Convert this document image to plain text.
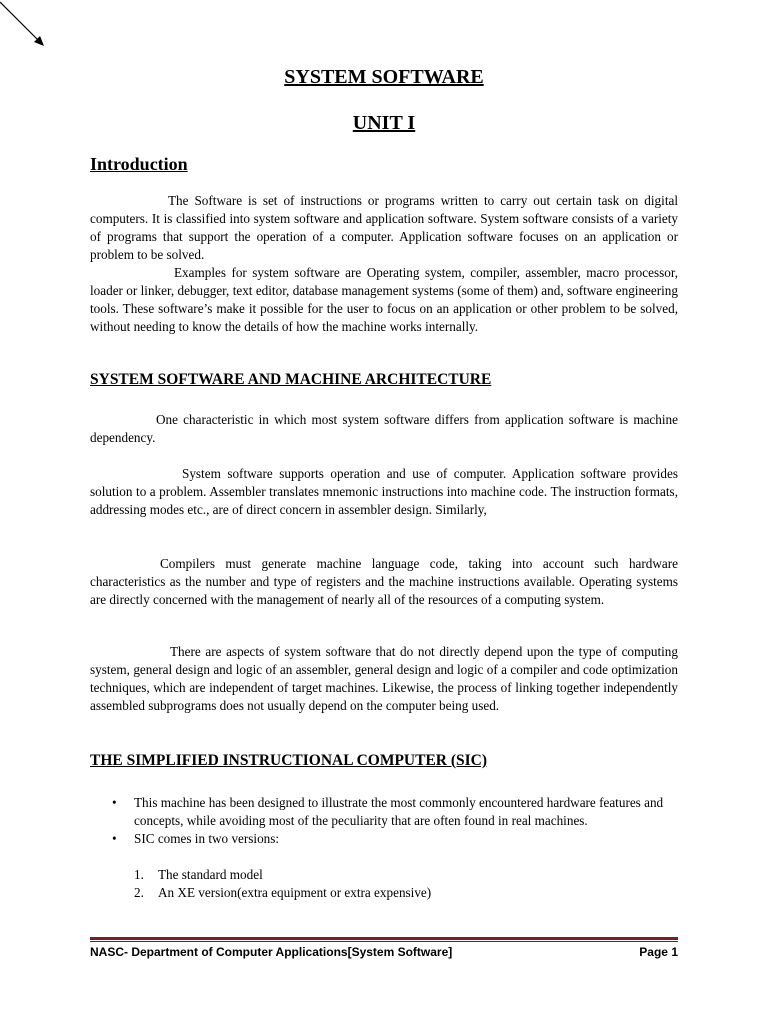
SYSTEM SOFTWARE
UNIT I
Introduction

The Software is set of instructions or programs written to carry out certain task on digital computers. It is classified into system software and application software. System software consists of a variety of programs that support the operation of a computer. Application software focuses on an application or problem to be solved.

Examples for system software are Operating system, compiler, assembler, macro processor, loader or linker, debugger, text editor, database management systems (some of them) and, software engineering tools. These software’s make it possible for the user to focus on an application or other problem to be solved, without needing to know the details of how the machine works internally.

SYSTEM SOFTWARE AND MACHINE ARCHITECTURE

One characteristic in which most system software differs from application software is machine dependency.

System software supports operation and use of computer. Application software provides solution to a problem. Assembler translates mnemonic instructions into machine code. The instruction formats, addressing modes etc., are of direct concern in assembler design. Similarly,

Compilers must generate machine language code, taking into account such hardware characteristics as the number and type of registers and the machine instructions available. Operating systems are directly concerned with the management of nearly all of the resources of a computing system.

There are aspects of system software that do not directly depend upon the type of computing system, general design and logic of an assembler, general design and logic of a compiler and code optimization techniques, which are independent of target machines. Likewise, the process of linking together independently assembled subprograms does not usually depend on the computer being used.

THE SIMPLIFIED INSTRUCTIONAL COMPUTER (SIC)
• This machine has been designed to illustrate the most commonly encountered hardware features and concepts, while avoiding most of the peculiarity that are often found in real machines.
• SIC comes in two versions:
1. The standard model
2. An XE version(extra equipment or extra expensive)
NASC- Department of Computer Applications[System Software]	Page 1
